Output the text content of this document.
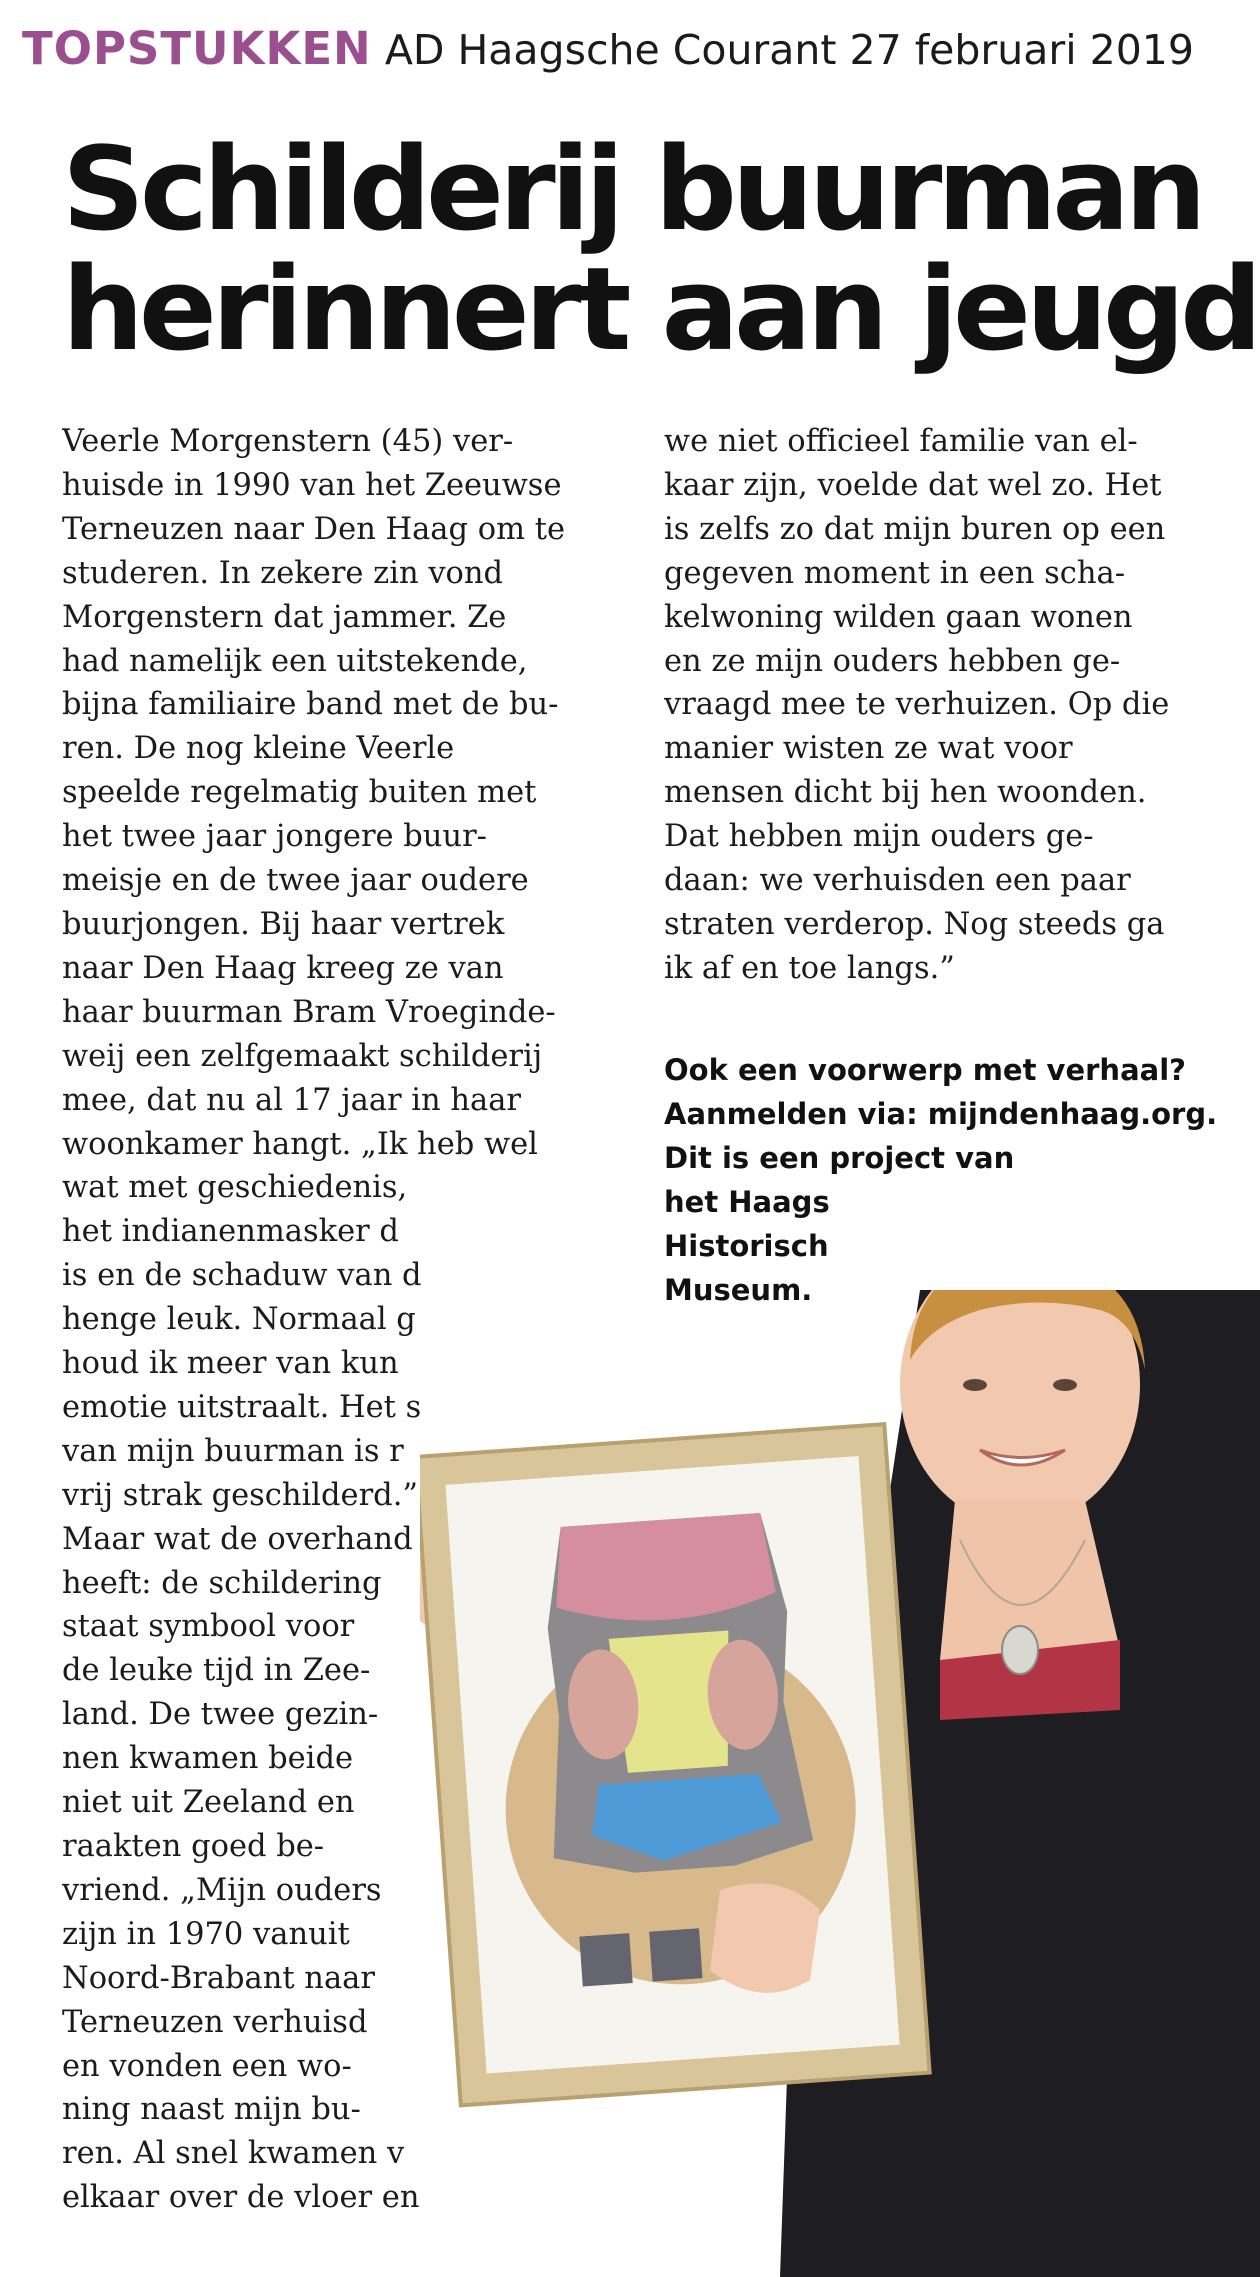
TOPSTUKKEN AD Haagsche Courant 27 februari 2019
Schilderij buurman
herinnert aan jeugd
Veerle Morgenstern (45) ver-
huisde in 1990 van het Zeeuwse
Terneuzen naar Den Haag om te
studeren. In zekere zin vond
Morgenstern dat jammer. Ze
had namelijk een uitstekende,
bijna familiaire band met de bu-
ren. De nog kleine Veerle
speelde regelmatig buiten met
het twee jaar jongere buur-
meisje en de twee jaar oudere
buurjongen. Bij haar vertrek
naar Den Haag kreeg ze van
haar buurman Bram Vroeginde-
weij een zelfgemaakt schilderij
mee, dat nu al 17 jaar in haar
woonkamer hangt. „Ik heb wel
wat met geschiedenis,
het indianenmasker d
is en de schaduw van d
henge leuk. Normaal g
houd ik meer van kun
emotie uitstraalt. Het s
van mijn buurman is r
vrij strak geschilderd.”
Maar wat de overhand
heeft: de schildering
staat symbool voor
de leuke tijd in Zee-
land. De twee gezin-
nen kwamen beide
niet uit Zeeland en
raakten goed be-
vriend. „Mijn ouders
zijn in 1970 vanuit
Noord-Brabant naar
Terneuzen verhuisd
en vonden een wo-
ning naast mijn bu-
ren. Al snel kwamen v
elkaar over de vloer en
we niet officieel familie van el-
kaar zijn, voelde dat wel zo. Het
is zelfs zo dat mijn buren op een
gegeven moment in een scha-
kelwoning wilden gaan wonen
en ze mijn ouders hebben ge-
vraagd mee te verhuizen. Op die
manier wisten ze wat voor
mensen dicht bij hen woonden.
Dat hebben mijn ouders ge-
daan: we verhuisden een paar
straten verderop. Nog steeds ga
ik af en toe langs.”
Ook een voorwerp met verhaal?
Aanmelden via: mijndenhaag.org.
Dit is een project van
het Haags
Historisch
Museum.
